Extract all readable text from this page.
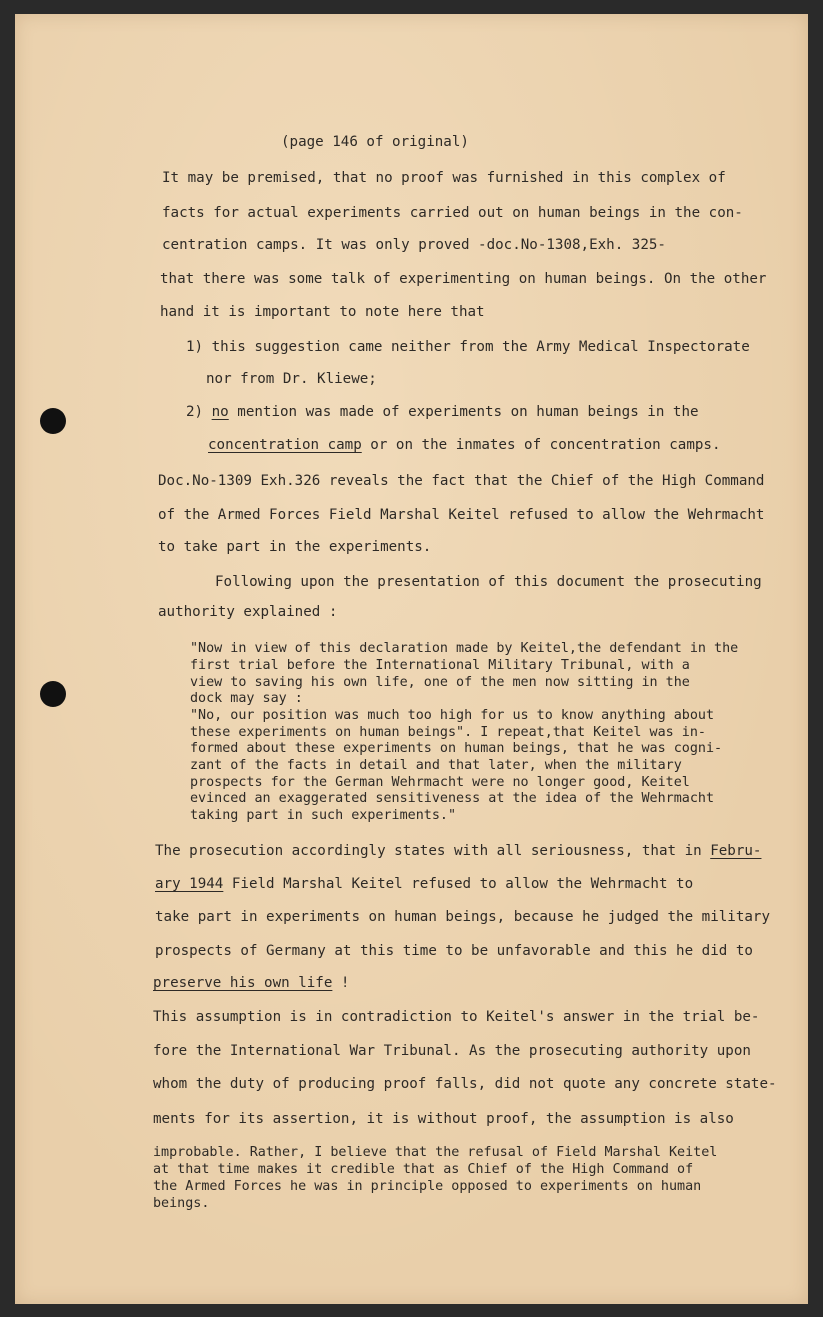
(page 146 of original)
It may be premised, that no proof was furnished in this complex of
facts for actual experiments carried out on human beings in the con-
centration camps. It was only proved -doc.No-1308,Exh. 325-
that there was some talk of experimenting on human beings. On the other
hand it is important to note here that
1) this suggestion came neither from the Army Medical Inspectorate
nor from Dr. Kliewe;
2) no mention was made of experiments on human beings in the
concentration camp or on the inmates of concentration camps.
Doc.No-1309 Exh.326 reveals the fact that the Chief of the High Command
of the Armed Forces Field Marshal Keitel refused to allow the Wehrmacht
to take part in the experiments.
Following upon the presentation of this document the prosecuting
authority explained :
"Now in view of this declaration made by Keitel,the defendant in the
first trial before the International Military Tribunal, with a
view to saving his own life, one of the men now sitting in the
dock may say :
"No, our position was much too high for us to know anything about
these experiments on human beings". I repeat,that Keitel was in-
formed about these experiments on human beings, that he was cogni-
zant of the facts in detail and that later, when the military
prospects for the German Wehrmacht were no longer good, Keitel
evinced an exaggerated sensitiveness at the idea of the Wehrmacht
taking part in such experiments."
The prosecution accordingly states with all seriousness, that in Febru-
ary 1944 Field Marshal Keitel refused to allow the Wehrmacht to
take part in experiments on human beings, because he judged the military
prospects of Germany at this time to be unfavorable and this he did to
preserve his own life !
This assumption is in contradiction to Keitel's answer in the trial be-
fore the International War Tribunal. As the prosecuting authority upon
whom the duty of producing proof falls, did not quote any concrete state-
ments for its assertion, it is without proof, the assumption is also
improbable. Rather, I believe that the refusal of Field Marshal Keitel
at that time makes it credible that as Chief of the High Command of
the Armed Forces he was in principle opposed to experiments on human
beings.
